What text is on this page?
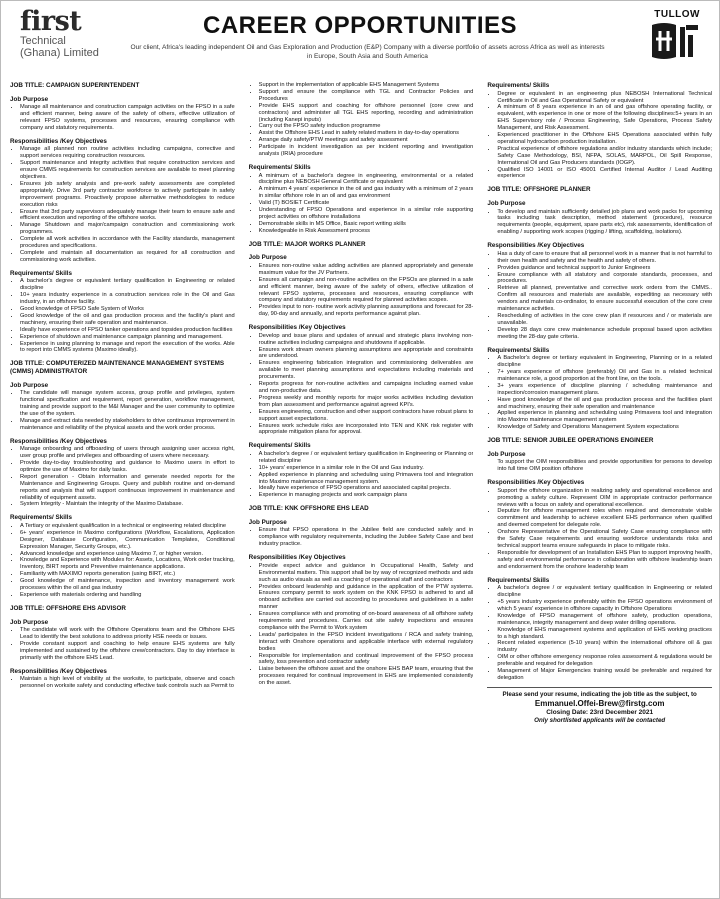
first
Technical
(Ghana) Limited
CAREER OPPORTUNITIES
Our client, Africa's leading independent Oil and Gas Exploration and Production (E&P) Company with a diverse portfolio of assets across Africa as well as interests in Europe, South Asia and South America
TULLOW
JOB TITLE: CAMPAIGN SUPERINTENDENT
Job Purpose
• Manage all maintenance and construction campaign activities on the FPSO in a safe and efficient manner, being aware of the safety of others, effective utilization of relevant FPSO systems, processes and resources, ensuring compliance with company and statutory requirements.
Responsibilities /Key Objectives
• Manage all planned non routine activities including campaigns, corrective and support services requiring construction resources.
• Support maintenance and integrity activities that require construction services and ensure CMMS requirements for construction services are available to meet planning objectives.
• Ensures job safety analysis and pre-work safety assessments are completed appropriately. Drive 3rd party contractor workforce to actively participate in safety improvement programs. Proactively propose alternative methodologies to reduce execution risks
• Ensure that 3rd party supervisors adequately manage their team to ensure safe and efficient execution and reporting of the offshore works.
• Manage Shutdown and major/campaign construction and commissioning work programmes.
• Complete all work activities in accordance with the Facility standards, management procedures and specifications.
• Complete and maintain all documentation as required for all construction and commissioning work activities.
Requirements/ Skills
• A bachelor's degree or equivalent tertiary qualification in Engineering or related discipline
• 10+ years industry experience in a construction services role in the Oil and Gas industry, in an offshore facility.
• Good knowledge of FPSO Safe System of Works
• Good knowledge of the oil and gas production process and the facility's plant and machinery, ensuring their safe operation and maintenance.
• Ideally have experience of FPSO tanker operations and topsides production facilities
• Experience of shutdown and maintenance campaign planning and management.
• Experience in using planning to manage and report the execution of the works. Able to report into CMMS systems (Maximo ideally).
JOB TITLE: COMPUTERIZED MAINTENANCE MANAGEMENT SYSTEMS (CMMS) ADMINISTRATOR
Job Purpose
• The candidate will manage system access, group profile and privileges, system functional specification and requirement, report generation, workflow management, training and provide support to the M&I Manager and the user community to optimize the use of the system.
• Manage and extract data needed by stakeholders to drive continuous improvement in maintenance and reliability of the physical assets and the work order process.
Responsibilities /Key Objectives
• Manage onboarding and offboarding of users through assigning user access right, user group profile and privileges and offboarding of users where necessary.
• Provide day-to-day troubleshooting and guidance to Maximo users in effort to optimize the use of Maximo for daily tasks.
• Report generation - Obtain information and generate needed reports for the Maintenance and Engineering Groups. Query and publish routine and on-demand reports and analysis that will support continuous improvement in maintenance and reliability of equipment assets.
• System Integrity - Maintain the integrity of the Maximo Database.
Requirements/ Skills
• A Tertiary or equivalent qualification in a technical or engineering related discipline
• 6+ years' experience in Maximo configurations (Workflow, Escalations, Application Designer, Database Configuration, Communication Templates, Conditional Expression Manager, Security Groups, etc.).
• Advanced knowledge and experience using Maximo 7, or higher version.
• Knowledge and Experience with Modules for: Assets, Locations, Work order tracking, Inventory, BIRT reports and Preventive maintenance applications.
• Familiarity with MAXIMO reports generation (using BIRT, etc.)
• Good knowledge of maintenance, inspection and inventory management work processes within the oil and gas industry
• Experience with materials ordering and handling
JOB TITLE: OFFSHORE EHS ADVISOR
Job Purpose
• The candidate will work with the Offshore Operations team and the Offshore EHS Lead to identify the best solutions to address priority HSE needs or issues.
• Provide constant support and coaching to help ensure EHS systems are fully implemented and sustained by the offshore crew/contractors. Day to day interface is primarily with the offshore EHS Lead.
Responsibilities /Key Objectives
• Maintain a high level of visibility at the worksite, to participate, observe and coach personnel on worksite safety and conducting effective task controls such as Permit to
• Support in the implementation of applicable EHS Management Systems
• Support and ensure the compliance with TGL and Contractor Policies and Procedures
• Provide EHS support and coaching for offshore personnel (core crew and contractors) and administer all TGL EHS reporting, recording and administration (including Kanepi inputs)
• Carry out the FPSO safety induction programme
• Assist the Offshore EHS Lead in safety related matters in day-to-day operations
• Arrange daily safety/PTW meetings and safety assessment
• Participate in incident investigation as per incident reporting and investigation analysis (IRIA) procedure
Requirements/ Skills
• A minimum of a bachelor's degree in engineering, environmental or a related discipline plus NEBOSH General Certificate or equivalent
• A minimum 4 years' experience in the oil and gas industry with a minimum of 2 years in similar offshore role in an oil and gas environment
• Valid (T) BOSIET Certificate
• Understanding of FPSO Operations and experience in a similar role supporting project activities on offshore installations
• Demonstrable skills in MS Office, Basic report writing skills
• Knowledgeable in Risk Assessment process
JOB TITLE: MAJOR WORKS PLANNER
Job Purpose
• Ensures non-routine value adding activities are planned appropriately and generate maximum value for the JV Partners.
• Ensures all campaign and non-routine activities on the FPSOs are planned in a safe and efficient manner, being aware of the safety of others, effective utilization of relevant FPSO systems, processes and resources, ensuring compliance with company and statutory requirements required for planned activities scopes.
• Provides input to non- routine work activity planning assumptions and forecast for 28-day, 90-day and annually, and reports performance against plan.
Responsibilities /Key Objectives
• Develop and issue plans and updates of annual and strategic plans involving non-routine activities including campaigns and shutdowns if applicable.
• Ensures work stream owners planning assumptions are appropriate and constraints are understood.
• Ensures engineering fabrication integration and commissioning deliverables are available to meet planning assumptions and expectations including materials and procurements.
• Reports progress for non-routine activities and campaigns including earned value and non-productive data.
• Progress weekly and monthly reports for major works activities including deviation from plan assessment and performance against agreed KPI's.
• Ensures engineering, construction and other support contractors have robust plans to support asset expectations.
• Ensures work schedule risks are incorporated into TEN and KNK risk register with appropriate mitigation plans for approval.
Requirements/ Skills
• A bachelor's degree / or equivalent tertiary qualification in Engineering or Planning or related discipline
• 10+ years' experience in a similar role in the Oil and Gas industry.
• Applied experience in planning and scheduling using Primavera tool and integration into Maximo maintenance management system.
• Ideally have experience of FPSO operations and associated capital projects.
• Experience in managing projects and work campaign plans
JOB TITLE: KNK OFFSHORE EHS LEAD
Job Purpose
• Ensure that FPSO operations in the Jubilee field are conducted safely and in compliance with regulatory requirements, including the Jubilee Safety Case and best industry practice.
Responsibilities /Key Objectives
• Provide expect advice and guidance in Occupational Health, Safety and Environmental matters. This support shall be by way of recognized methods and aids such as audio visuals as well as coaching of operational staff and contractors
• Provides onboard leadership and guidance in the application of the PTW systems. Ensures company permit to work system on the KNK FPSO is adhered to and all onboard activities are carried out according to procedures and guidelines in a safer manner
• Ensures compliance with and promoting of on-board awareness of all offshore safety requirements and procedures. Carries out site safety inspections and ensures compliance with the Permit to Work system
• Leads/ participates in the FPSO incident investigations / RCA and safety training, interact with Onshore operations and applicable interface with external regulatory bodies
• Responsible for implementation and continual improvement of the FPSO process safety, loss prevention and contractor safety
• Liaise between the offshore asset and the onshore EHS BAP team, ensuring that the processes required for continual improvement in EHS are implemented consistently on the asset.
Requirements/ Skills
• Degree or equivalent in an engineering plus NEBOSH International Technical Certificate in Oil and Gas Operational Safety or equivalent
• A minimum of 8 years experience in an oil and gas offshore operating facility, or equivalent, with experience in one or more of the following disciplines:5+ years in an EHS Supervisory role / Process Engineering, Safe Operations, Process Safety Management, and Risk Assessment.
• Experienced practitioner in the Offshore EHS Operations associated within fully operational hydrocarbon production installation.
• Practical experience of offshore regulations and/or industry standards which include; Safety Case Methodology, BSI, NFPA, SOLAS, MARPOL, Oil Spill Response, International Oil and Gas Producers standards (IOGP).
• Qualified ISO 14001 or ISO 45001 Certified Internal Auditor / Lead Auditing experience
JOB TITLE: OFFSHORE PLANNER
Job Purpose
• To develop and maintain sufficiently detailed job plans and work packs for upcoming tasks including task description, method statement (procedure), resource requirements (people, equipment, spare parts etc), risk assessments, identification of enabling / supporting work scopes (rigging / lifting, scaffolding, isolations).
Responsibilities /Key Objectives
• Has a duty of care to ensure that all personnel work in a manner that is not harmful to their own health and safety and the health and safety of others.
• Provides guidance and technical support to Junior Engineers
• Ensure compliance with all statutory and corporate standards, processes, and procedures.
• Retrieve all planned, preventative and corrective work orders from the CMMS.. Confirm all resources and materials are available, expediting as necessary with vendors and materials co-ordinator, to ensure successful execution of the core crew maintenance activities.
• Rescheduling of activities in the core crew plan if resources and / or materials are unavailable.
• Develop 28 days core crew maintenance schedule proposal based upon activities meeting the 28-day gate criteria.
Requirements/ Skills
• A Bachelor's degree or tertiary equivalent in Engineering, Planning or in a related discipline
• 7+ years experience of offshore (preferably) Oil and Gas in a related technical maintenance role, a good proportion at the front line, on the tools.
• 3+ years experience of discipline planning / scheduling maintenance and inspection/corrosion management plans.
• Have good knowledge of the oil and gas production process and the facilities plant and machinery, ensuring their safe operation and maintenance
• Applied experience in planning and scheduling using Primavera tool and integration into Maximo maintenance management system
• Knowledge of Safety and Operations Management System expectations
JOB TITLE: SENIOR JUBILEE OPERATIONS ENGINEER
Job Purpose

To support the OIM responsibilities and provide opportunities for persons to develop into full time OIM position offshore

Responsibilities /Key Objectives
• Support the offshore organization in realizing safety and operational excellence and promoting a safety culture. Represent OIM in appropriate contractor performance reviews with a focus on safety and operational excellence.
• Deputize for offshore management roles when required and demonstrate visible commitment and leadership to achieve excellent EHS performance when qualified and deemed competent for delegate role.
• Onshore Representative of the Operational Safety Case ensuring compliance with the Safety Case requirements and ensuring workforce understands risks and technical support teams ensure safeguards in place to mitigate risks.
• Responsible for development of an Installation EHS Plan to support improving health, safety and environmental performance in collaboration with offshore leadership team and endorsement from the onshore leadership team
Requirements/ Skills
• A bachelor's degree / or equivalent tertiary qualification in Engineering or related discipline
• +5 years industry experience preferably within the FPSO operations environment of which 5 years' experience in offshore capacity in Offshore Operations
• Knowledge of FPSO management of offshore safety, production operations, maintenance, integrity management and deep water drilling operations.
• Knowledge of EHS management systems and application of EHS working practices to a high standard.
• Recent related experience (5-10 years) within the international offshore oil & gas industry
• OIM or other offshore emergency response roles assessment & regulations would be preferable and required for delegation
• Management of Major Emergencies training would be preferable and required for delegation
Please send your resume, indicating the job title as the subject, to
Emmanuel.Offei-Brew@firstg.com
Closing Date: 23rd December 2021
Only shortlisted applicants will be contacted
